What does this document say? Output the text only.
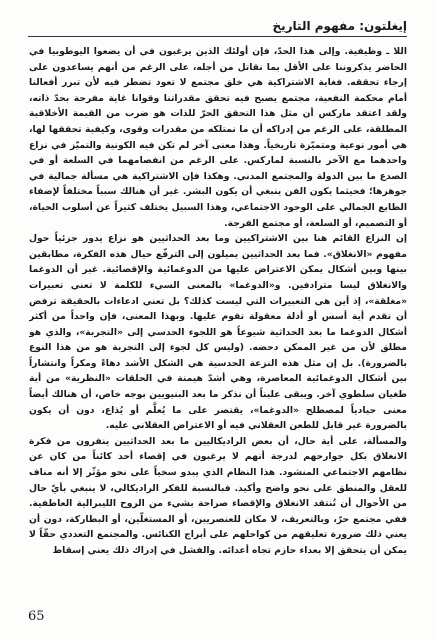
إيغلتون: مفهوم التاريخ

اللا ـ وظيفية. وإلى هذا الحدّ، فإن أولئك الذين يرغبون في أن يضعوا اليوطوبيا في الحاضر يذكروننا على الأقل بما نقاتل من أجله، على الرغم من أنهم يساعدون على إرجاء تحققه. فغاية الاشتراكية هي خلق مجتمع لا تعود تضطر فيه لأن تبرر أفعالنا أمام محكمة النفعية، مجتمع يصبح فيه تحقق مقدراتنا وقوانا غاية مفرحة بحدّ ذاته، ولقد اعتقد ماركس أن مثل هذا التحقق الحرّ للذات هو ضرب من القيمة الأخلاقية المطلقة، على الرغم من إدراكه أن ما نمتلكه من مقدرات وقوى، وكيفية تحققها لها، هي أمور نوعية ومتميّزة تاريخياً. وهذا معنى آخر لم تكن فيه الكونية والتميّز في نزاع واحدهما مع الآخر بالنسبة لماركس. على الرغم من انفصامهما في السلعة أو في الصدع ما بين الدولة والمجتمع المدني. وهكذا فإن الاشتراكية هي مسألة جمالية في جوهرها؛ فحيثما يكون الفن ينبغي أن يكون البشر. غير أن هنالك سبباً مختلفاً لإضفاء الطابع الجمالي على الوجود الاجتماعي، وهذا السبيل يختلف كثيراً عن أسلوب الحياة، أو التصميم، أو السلعة، أو مجتمع الفرجة.

إن النزاع القائم هنا بين الاشتراكيين وما بعد الحداثيين هو نزاع يدور جزئياً حول مفهوم «الانغلاق». فما بعد الحداثيين يميلون إلى الترفّع حيال هذه الفكرة، مطابقين بينها وبين أشكال يمكن الاعتراض عليها من الدوغمائية والإقصائية. غير أن الدوغما والانغلاق ليسا مترادفين. و«الدوغما» بالمعنى السيء للكلمة لا تعني تعبيرات «مغلقة»، إذ أين هي التعبيرات التي ليست كذلك؟ بل تعني ادعاءات بالحقيقة ترفض أن تقدم أية أسس أو أدلة معقولة تقوم عليها. وبهذا المعنى، فإن واحداً من أكثر أشكال الدوغما ما بعد الحداثية شيوعاً هو اللجوء الحدسي إلى «التجربة»، والذي هو مطلق لأن من غير الممكن دحضه. (وليس كل لجوء إلى التجربة هو من هذا النوع بالضرورة). بل إن مثل هذه النزعة الحدسية هي الشكل الأشد دهاءً ومكراً وانتشاراً بين أشكال الدوغمائية المعاصرة، وهي أشدّ هيمنة في الحلقات «النظرية» من أية طغيان سلطوي آخر. ويبقى عليناً أن نذكر ما بعد البنيويين بوجه خاص، أن هنالك أيضاً معنى حيادياً لمصطلح «الدوغما»، يقتصر على ما يُعلَّم أو يُذاع، دون أن يكون بالضرورة غير قابل للطعن العقلاني فيه أو الاعتراض العقلاني عليه.

والمسألة، على أية حال، أن بعض الراديكاليين ما بعد الحداثيين ينفرون من فكرة الانغلاق بكل جوارحهم لدرجة أنهم لا يرغبون في إقصاء أحد كائناً من كان عن نظامهم الاجتماعي المنشود. هذا النظام الذي يبدو سخياً على نحو مؤثّر إلا أنه مناف للعقل والمنطق على نحو واضح وأكيد. فبالنسبة للفكر الراديكالي، لا ينبغي بأيّ حال من الأحوال أن تُنتقد الانغلاق والإقصاء صراحة بشيء من الروح الليبرالية العاطفية. ففي مجتمع حرّ، وبالتعريف، لا مكان للعنصريين، أو المستغلّين، أو البطاركة، دون أن يعني ذلك ضرورة تعليقهم من كواحلهم على أبراج الكنائس. والمجتمع التعددي حقّاً لا يمكن أن يتحقق إلا بعداء حازم تجاه أعدائه. والفشل في إدراك ذلك يعني إسقاط

65
